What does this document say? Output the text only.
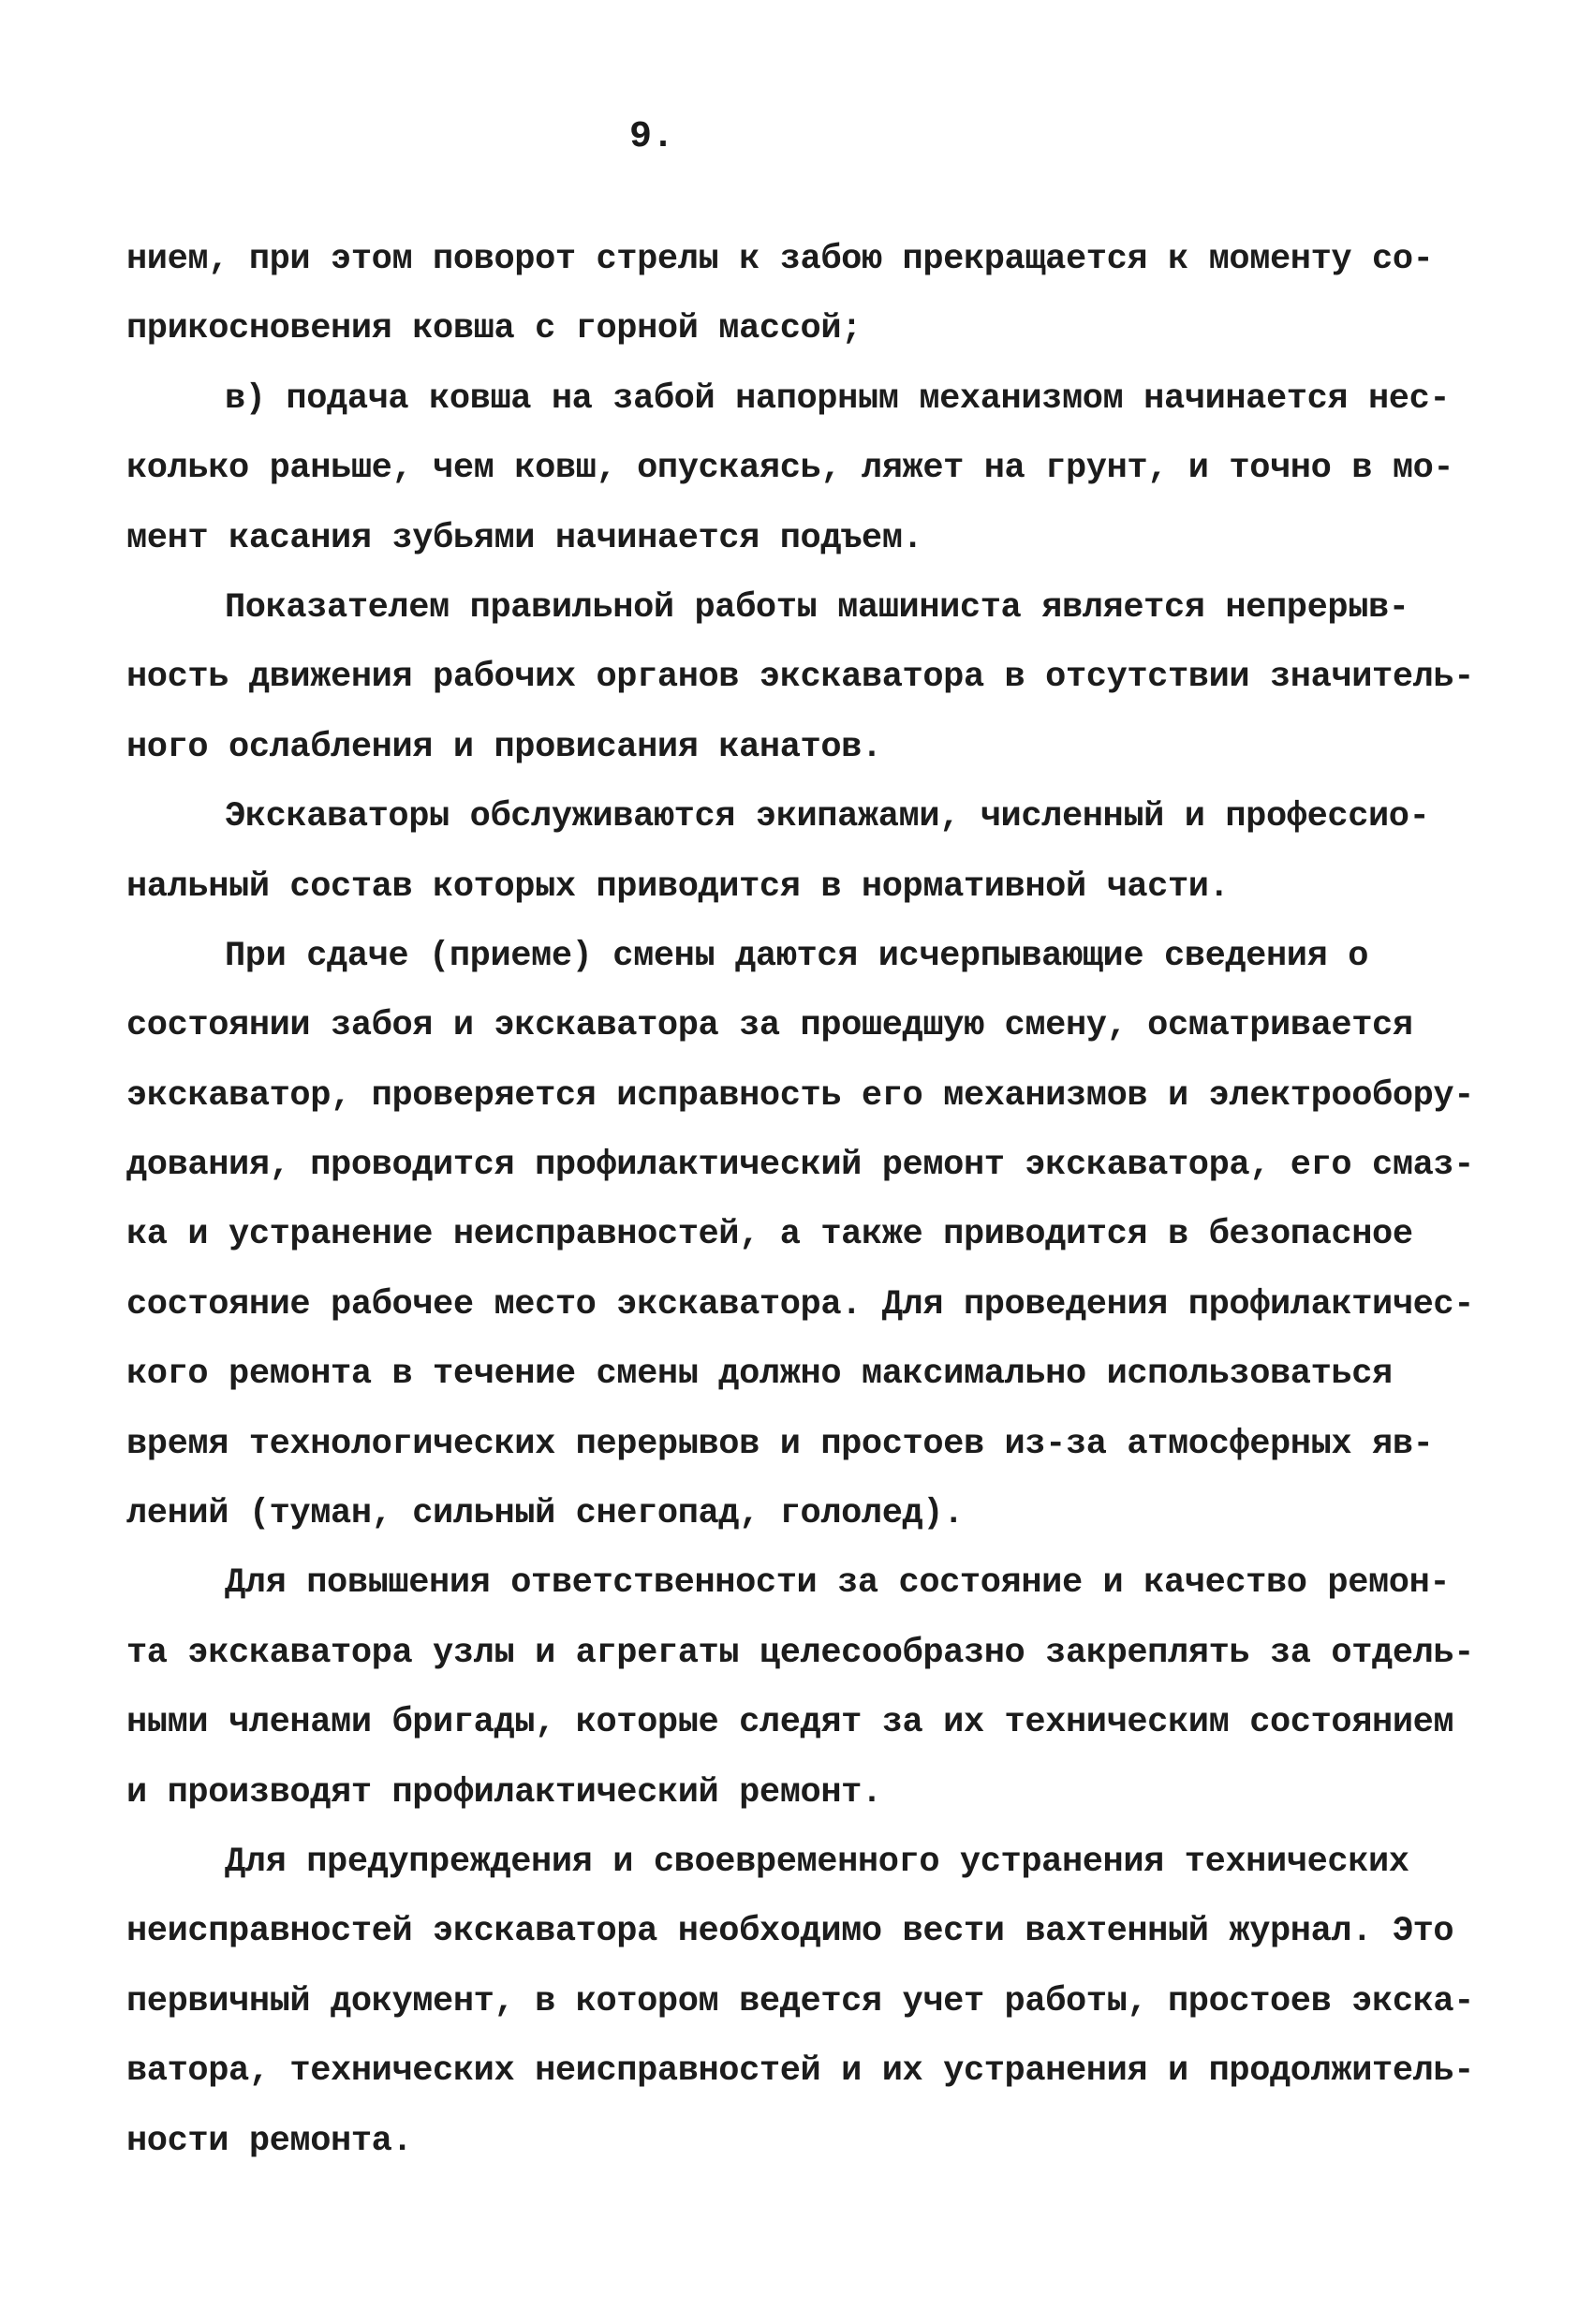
9.
нием, при этом поворот стрелы к забою прекращается к моменту со-
прикосновения ковша с горной массой;
в) подача ковша на забой напорным механизмом начинается нес-
колько раньше, чем ковш, опускаясь, ляжет на грунт, и точно в мо-
мент касания зубьями начинается подъем.
Показателем правильной работы машиниста является непрерыв-
ность движения рабочих органов экскаватора в отсутствии значитель-
ного ослабления и провисания канатов.
Экскаваторы обслуживаются экипажами, численный и профессио-
нальный состав которых приводится в нормативной части.
При сдаче (приеме) смены даются исчерпывающие сведения о
состоянии забоя и экскаватора за прошедшую смену, осматривается
экскаватор, проверяется исправность его механизмов и электрообору-
дования, проводится профилактический ремонт экскаватора, его смаз-
ка и устранение неисправностей, а также приводится в безопасное
состояние рабочее место экскаватора. Для проведения профилактичес-
кого ремонта в течение смены должно максимально использоваться
время технологических перерывов и простоев из-за атмосферных яв-
лений (туман, сильный снегопад, гололед).
Для повышения ответственности за состояние и качество ремон-
та экскаватора узлы и агрегаты целесообразно закреплять за отдель-
ными членами бригады, которые следят за их техническим состоянием
и производят профилактический ремонт.
Для предупреждения и своевременного устранения технических
неисправностей экскаватора необходимо вести вахтенный журнал. Это
первичный документ, в котором ведется учет работы, простоев экска-
ватора, технических неисправностей и их устранения и продолжитель-
ности ремонта.
